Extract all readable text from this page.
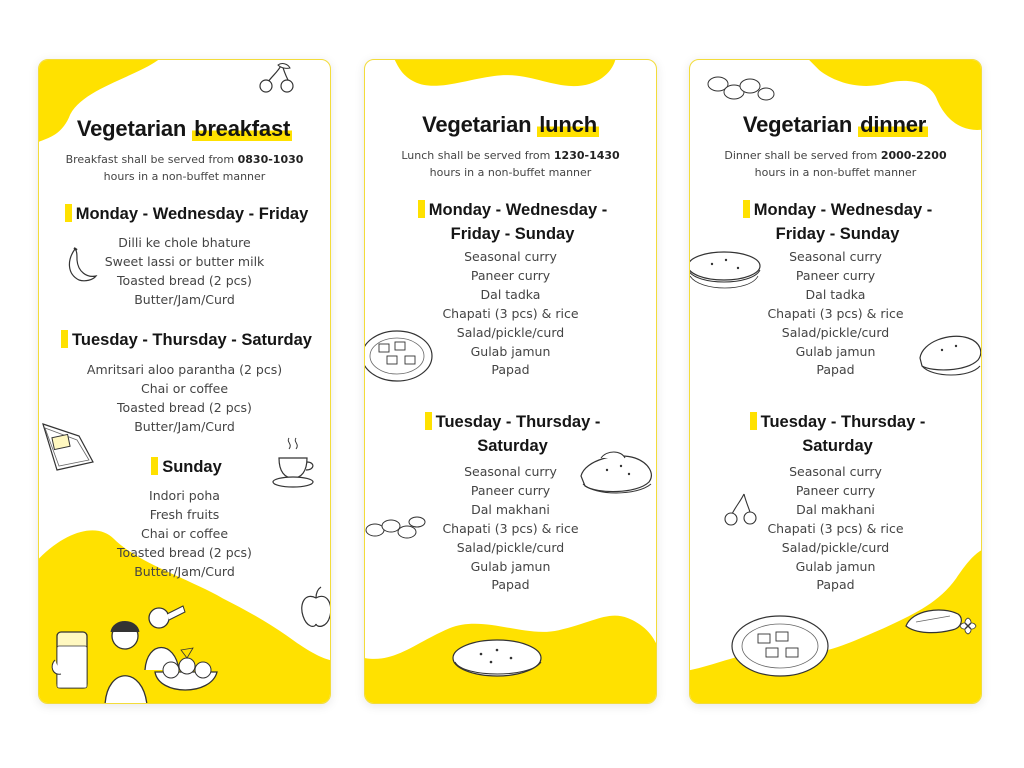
Vegetarian breakfast
Breakfast shall be served from 0830-1030
hours in a non-buffet manner
Monday - Wednesday - Friday
Dilli ke chole bhature
Sweet lassi or butter milk
Toasted bread (2 pcs)
Butter/Jam/Curd
Tuesday - Thursday - Saturday
Amritsari aloo parantha (2 pcs)
Chai or coffee
Toasted bread (2 pcs)
Butter/Jam/Curd
Sunday
Indori poha
Fresh fruits
Chai or coffee
Toasted bread (2 pcs)
Butter/Jam/Curd
Vegetarian lunch
Lunch shall be served from 1230-1430
hours in a non-buffet manner
Monday - Wednesday -
Friday - Sunday
Seasonal curry
Paneer curry
Dal tadka
Chapati (3 pcs) & rice
Salad/pickle/curd
Gulab jamun
Papad
Tuesday - Thursday -
Saturday
Seasonal curry
Paneer curry
Dal makhani
Chapati (3 pcs) & rice
Salad/pickle/curd
Gulab jamun
Papad
Vegetarian dinner
Dinner shall be served from 2000-2200
hours in a non-buffet manner
Monday - Wednesday -
Friday - Sunday
Seasonal curry
Paneer curry
Dal tadka
Chapati (3 pcs) & rice
Salad/pickle/curd
Gulab jamun
Papad
Tuesday - Thursday -
Saturday
Seasonal curry
Paneer curry
Dal makhani
Chapati (3 pcs) & rice
Salad/pickle/curd
Gulab jamun
Papad
